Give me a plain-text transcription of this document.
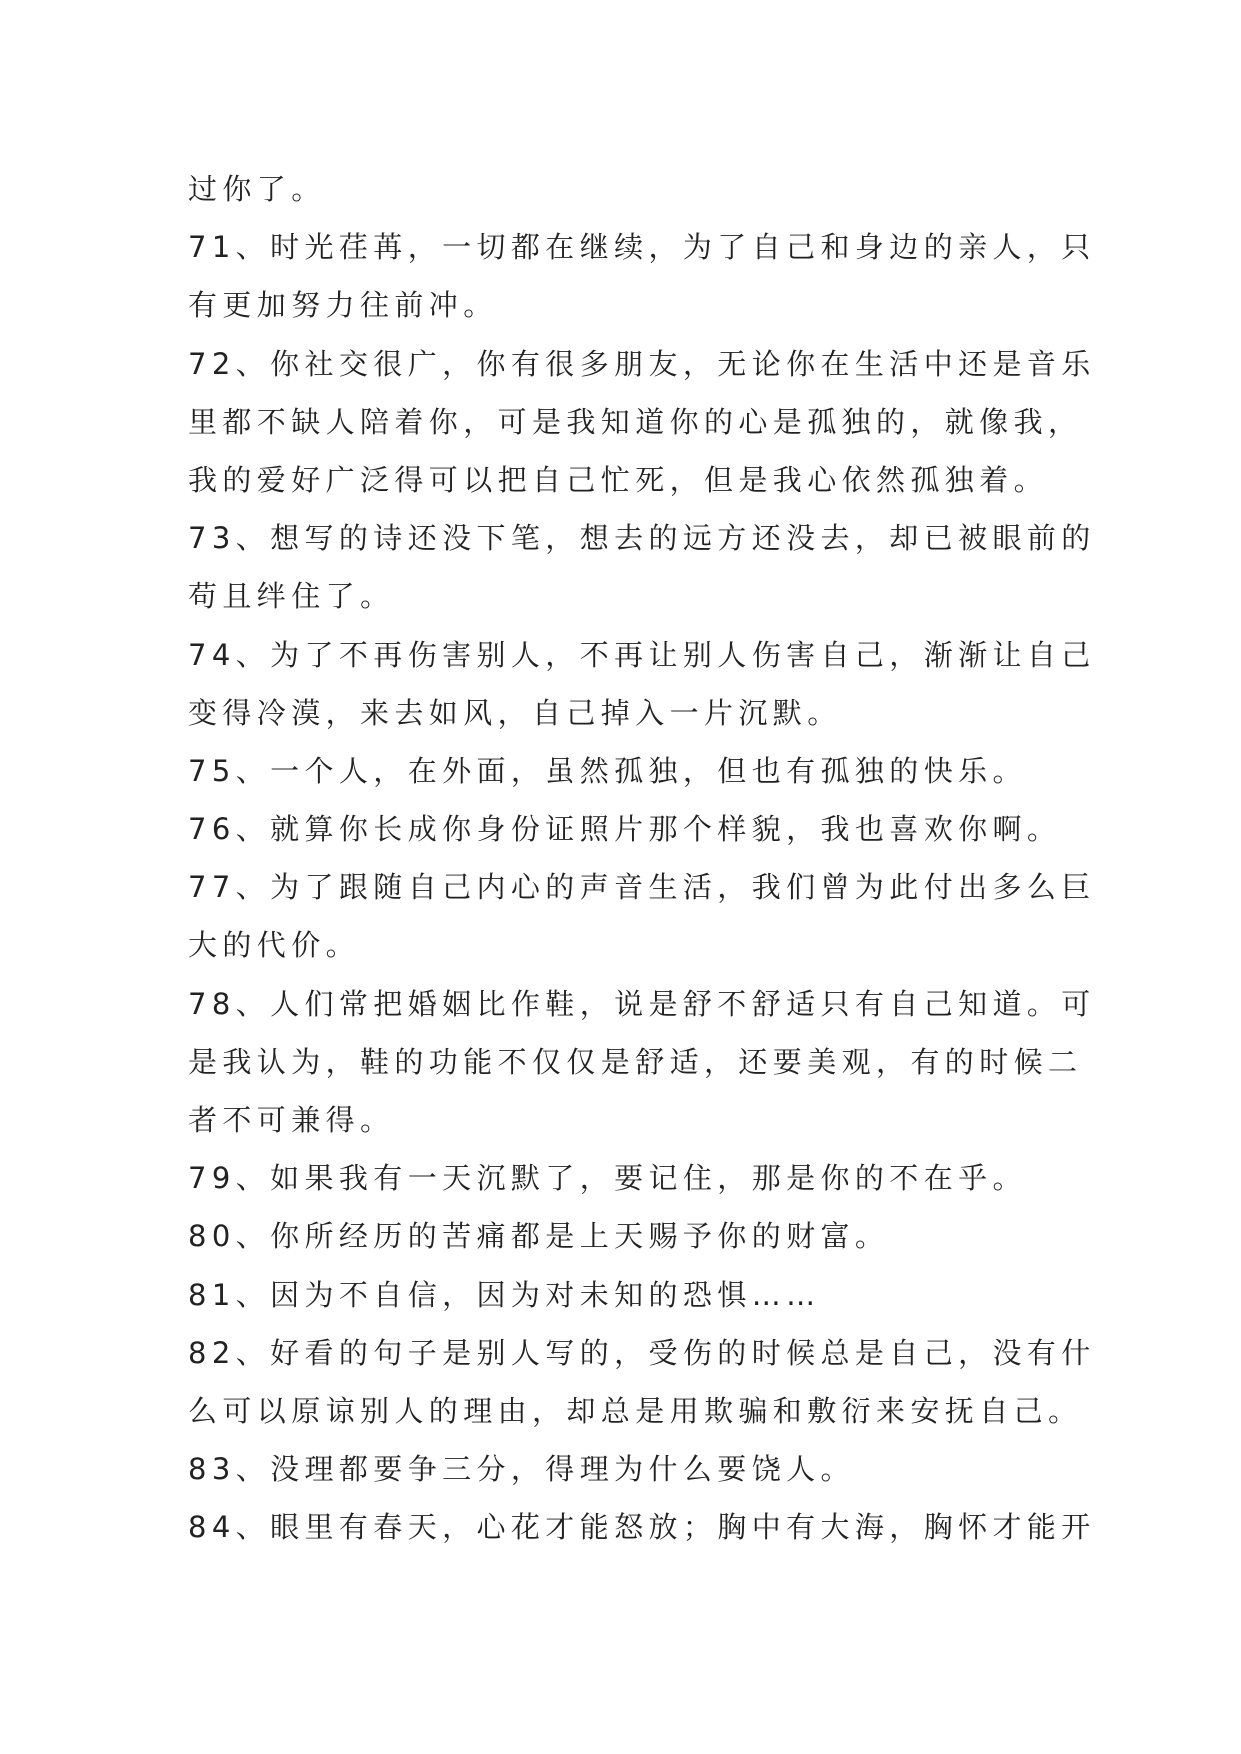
过你了。
71、时光荏苒，一切都在继续，为了自己和身边的亲人，只
有更加努力往前冲。
72、你社交很广，你有很多朋友，无论你在生活中还是音乐
里都不缺人陪着你，可是我知道你的心是孤独的，就像我，
我的爱好广泛得可以把自己忙死，但是我心依然孤独着。
73、想写的诗还没下笔，想去的远方还没去，却已被眼前的
苟且绊住了。
74、为了不再伤害别人，不再让别人伤害自己，渐渐让自己
变得冷漠，来去如风，自己掉入一片沉默。
75、一个人，在外面，虽然孤独，但也有孤独的快乐。
76、就算你长成你身份证照片那个样貌，我也喜欢你啊。
77、为了跟随自己内心的声音生活，我们曾为此付出多么巨
大的代价。
78、人们常把婚姻比作鞋，说是舒不舒适只有自己知道。可
是我认为，鞋的功能不仅仅是舒适，还要美观，有的时候二
者不可兼得。
79、如果我有一天沉默了，要记住，那是你的不在乎。
80、你所经历的苦痛都是上天赐予你的财富。
81、因为不自信，因为对未知的恐惧……
82、好看的句子是别人写的，受伤的时候总是自己，没有什
么可以原谅别人的理由，却总是用欺骗和敷衍来安抚自己。
83、没理都要争三分，得理为什么要饶人。
84、眼里有春天，心花才能怒放；胸中有大海，胸怀才能开
